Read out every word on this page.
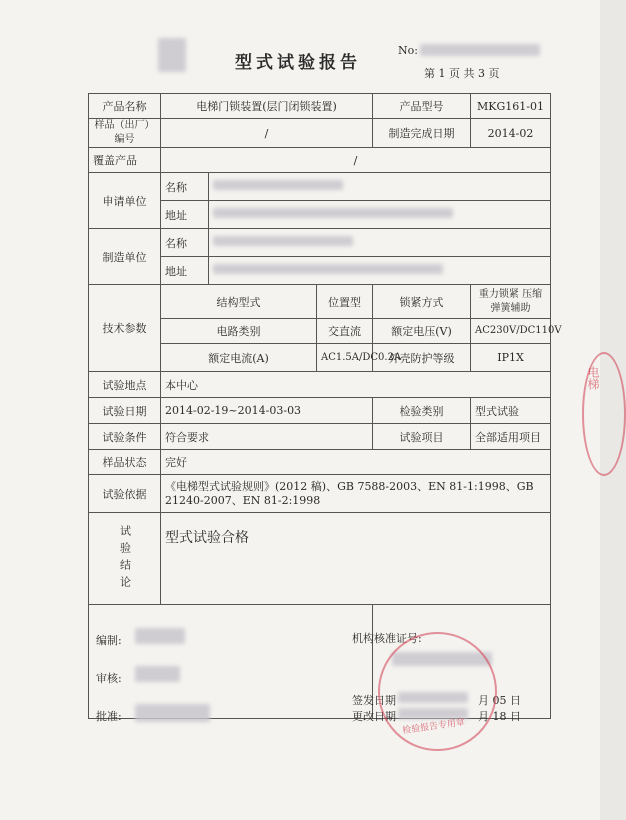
型式试验报告
No:
第 1 页 共 3 页
产品名称	电梯门锁装置(层门闭锁装置)			产品型号	MKG161-01
样品（出厂）编号	/			制造完成日期	2014-02
覆盖产品	/				
申请单位	名称				
	地址				
制造单位	名称				
	地址				
技术参数	结构型式		位置型	锁紧方式	重力锁紧 压缩弹簧辅助
	电路类别		交直流	额定电压(V)	AC230V/DC110V
	额定电流(A)		AC1.5A/DC0.2A	外壳防护等级	IP1X
试验地点	本中心				
试验日期	2014-02-19~2014-03-03			检验类别	型式试验
试验条件	符合要求			试验项目	全部适用项目
样品状态	完好				
试验依据	《电梯型式试验规则》(2012 稿)、GB 7588-2003、EN 81-1:1998、GB 21240-2007、EN 81-2:1998				

试验结论	型式试验合格				

编制:
审核:
批准:
机构核准证号:
签发日期	月 05 日
更改日期	月 18 日
检验报告专用章
电梯
